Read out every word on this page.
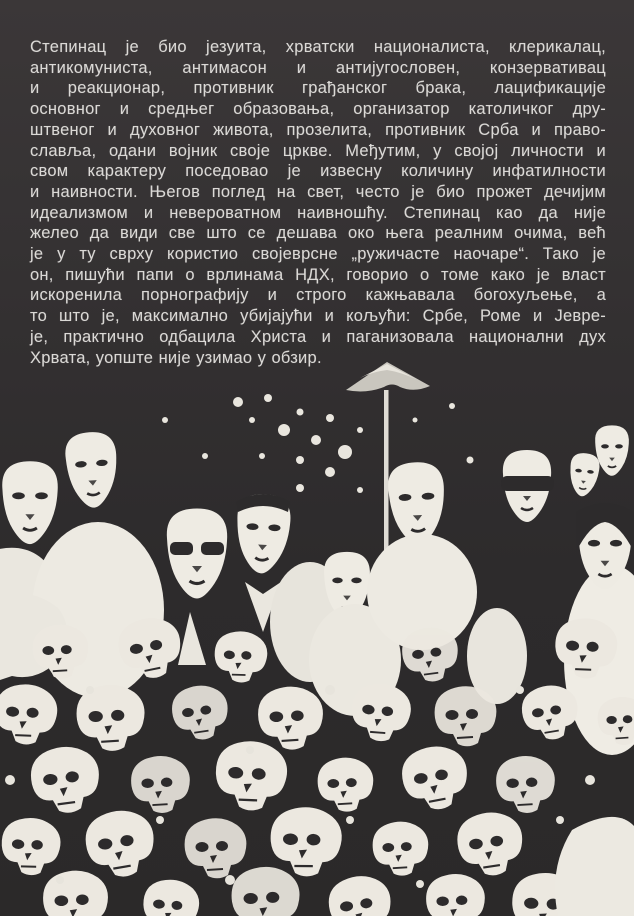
Степинац је био језуита, хрватски националиста, клерикалац,
антикомуниста, антимасон и антијугословен, конзервативац
и реакционар, противник грађанског брака, лацификације
основног и средњег образовања, организатор католичког дру-
штвеног и духовног живота, прозелита, противник Срба и право-
славља, одани војник своје цркве. Међутим, у својој личности и
свом карактеру поседовао је извесну количину инфатилности
и наивности. Његов поглед на свет, често је био прожет дечијим
идеализмом и невероватном наивношћу. Степинац као да није
желео да види све што се дешава око њега реалним очима, већ
је у ту сврху користио својеврсне „ружичасте наочаре“. Тако је
он, пишући папи о врлинама НДХ, говорио о томе како је власт
искоренила порнографију и строго кажњавала богохуљење, а
то што је, максимално убијајући и кољући: Србе, Роме и Јевре-
је, практично одбацила Христа и паганизовала национални дух
Хрвата, уопште није узимао у обзир.
